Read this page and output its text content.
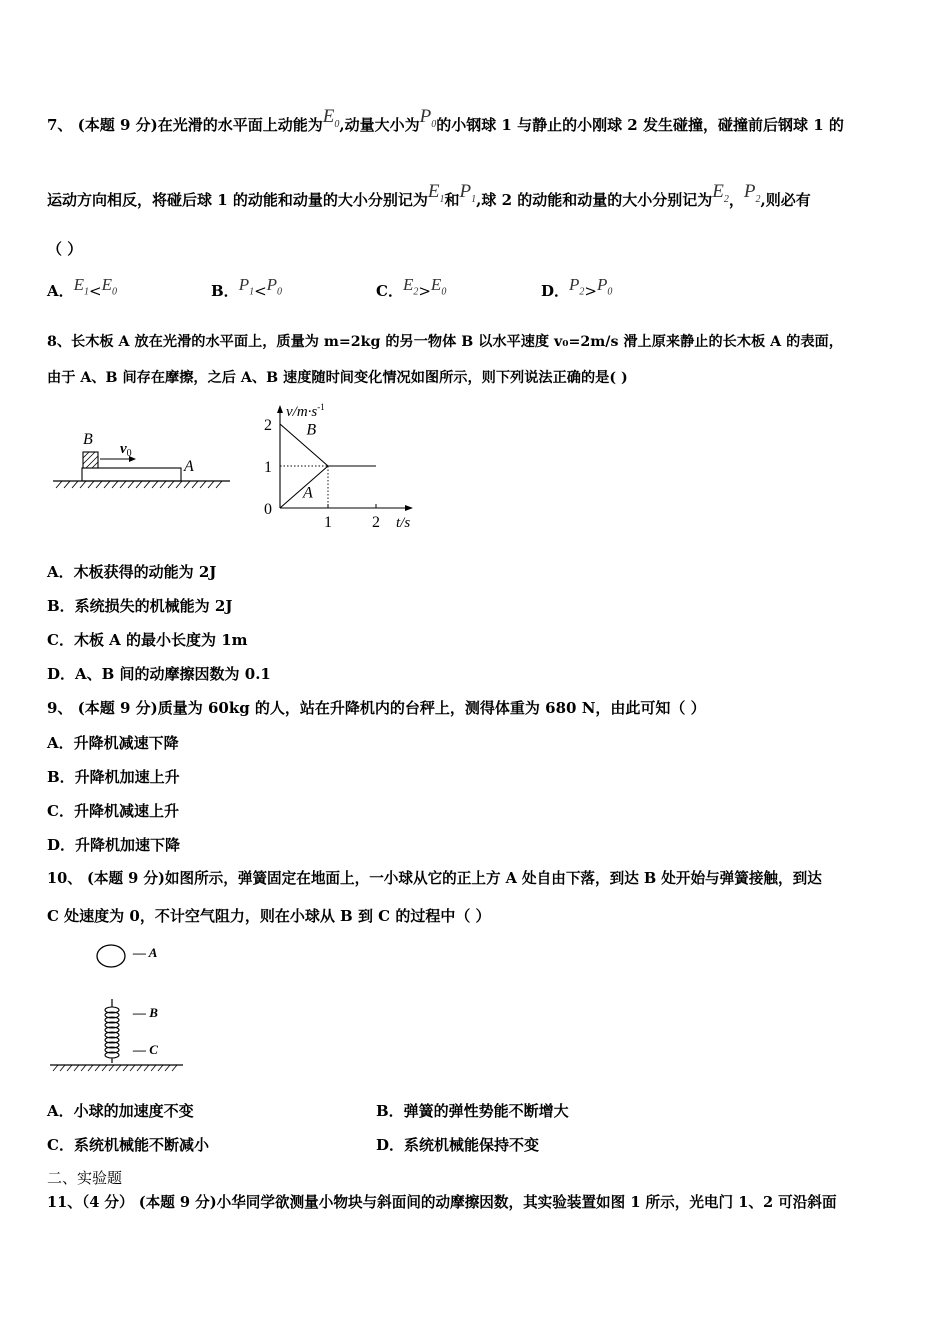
7、 (本题 9 分)在光滑的水平面上动能为$E_0$,动量大小为$P_0$的小钢球 1 与静止的小刚球 2 发生碰撞，碰撞前后钢球 1 的
运动方向相反，将碰后球 1 的动能和动量的大小分别记为$E_1$和$P_1$,球 2 的动能和动量的大小分别记为$E_2$，$P_2$,则必有
（ ）
A．$E_1<E_0$	B．$P_1<P_0$	C．$E_2>E_0$	D．$P_2>P_0$
8、长木板 A 放在光滑的水平面上，质量为 m=2kg 的另一物体 B 以水平速度 v₀=2m/s 滑上原来静止的长木板 A 的表面，
由于 A、B 间存在摩擦，之后 A、B 速度随时间变化情况如图所示，则下列说法正确的是( )
B
$v_0$
A
2
1
0
1	2
$v/m\cdot s^{-1}$
t/s
B
A
A．木板获得的动能为 2J
B．系统损失的机械能为 2J
C．木板 A 的最小长度为 1m
D．A、B 间的动摩擦因数为 0.1
9、 (本题 9 分)质量为 60kg 的人，站在升降机内的台秤上，测得体重为 680 N，由此可知（ ）
A．升降机减速下降
B．升降机加速上升
C．升降机减速上升
D．升降机加速下降
10、 (本题 9 分)如图所示，弹簧固定在地面上，一小球从它的正上方 A 处自由下落，到达 B 处开始与弹簧接触，到达
C 处速度为 0，不计空气阻力，则在小球从 B 到 C 的过程中（ ）
— A
— B
— C
A．小球的加速度不变	B．弹簧的弹性势能不断增大
C．系统机械能不断减小	D．系统机械能保持不变
二、实验题
11、（4 分） (本题 9 分)小华同学欲测量小物块与斜面间的动摩擦因数，其实验装置如图 1 所示，光电门 1、2 可沿斜面
